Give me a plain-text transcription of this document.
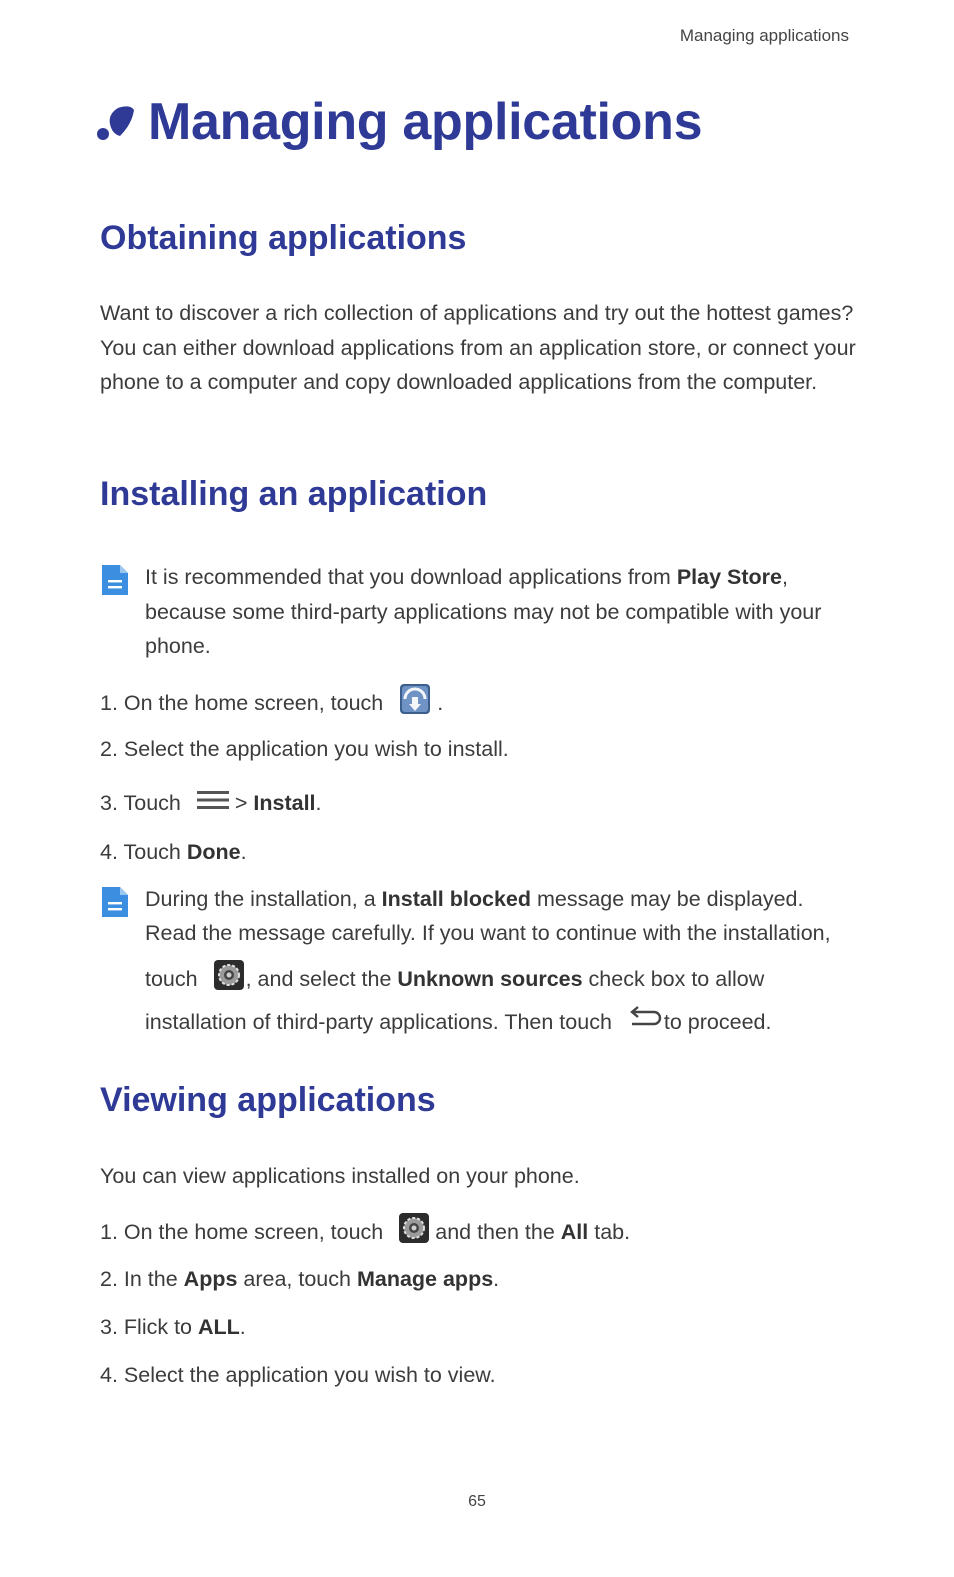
Managing applications
Managing applications
Obtaining applications
Want to discover a rich collection of applications and try out the hottest games? You can either download applications from an application store, or connect your phone to a computer and copy downloaded applications from the computer.
Installing an application
It is recommended that you download applications from Play Store, because some third-party applications may not be compatible with your phone.
1. On the home screen, touch	.
2. Select the application you wish to install.
3. Touch	> Install.
4. Touch Done.
During the installation, a Install blocked message may be displayed.
Read the message carefully. If you want to continue with the installation,
touch , and select the Unknown sources check box to allow
installation of third-party applications. Then touch to proceed.
Viewing applications
You can view applications installed on your phone.
1. On the home screen, touch and then the All tab.
2. In the Apps area, touch Manage apps.
3. Flick to ALL.
4. Select the application you wish to view.
65
